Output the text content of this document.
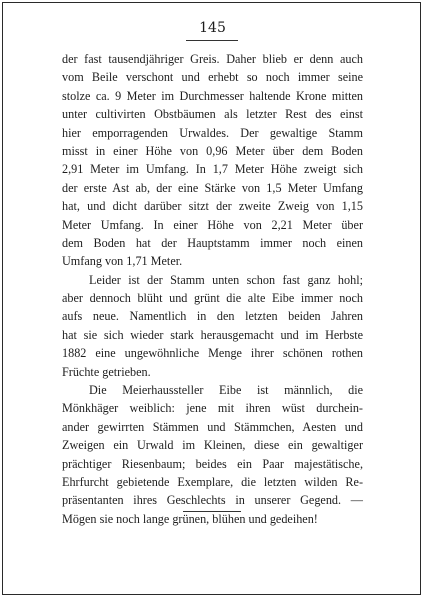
145
der fast tausendjähriger Greis. Daher blieb er denn auch
vom Beile verschont und erhebt so noch immer seine
stolze ca. 9 Meter im Durchmesser haltende Krone mitten
unter cultivirten Obstbäumen als letzter Rest des einst
hier emporragenden Urwaldes. Der gewaltige Stamm
misst in einer Höhe von 0,96 Meter über dem Boden
2,91 Meter im Umfang. In 1,7 Meter Höhe zweigt sich
der erste Ast ab, der eine Stärke von 1,5 Meter Umfang
hat, und dicht darüber sitzt der zweite Zweig von 1,15
Meter Umfang. In einer Höhe von 2,21 Meter über
dem Boden hat der Hauptstamm immer noch einen
Umfang von 1,71 Meter.
Leider ist der Stamm unten schon fast ganz hohl;
aber dennoch blüht und grünt die alte Eibe immer noch
aufs neue. Namentlich in den letzten beiden Jahren
hat sie sich wieder stark herausgemacht und im Herbste
1882 eine ungewöhnliche Menge ihrer schönen rothen
Früchte getrieben.
Die Meierhaussteller Eibe ist männlich, die
Mönkhäger weiblich: jene mit ihren wüst durchein-
ander gewirrten Stämmen und Stämmchen, Aesten und
Zweigen ein Urwald im Kleinen, diese ein gewaltiger
prächtiger Riesenbaum; beides ein Paar majestätische,
Ehrfurcht gebietende Exemplare, die letzten wilden Re-
präsentanten ihres Geschlechts in unserer Gegend. —
Mögen sie noch lange grünen, blühen und gedeihen!
